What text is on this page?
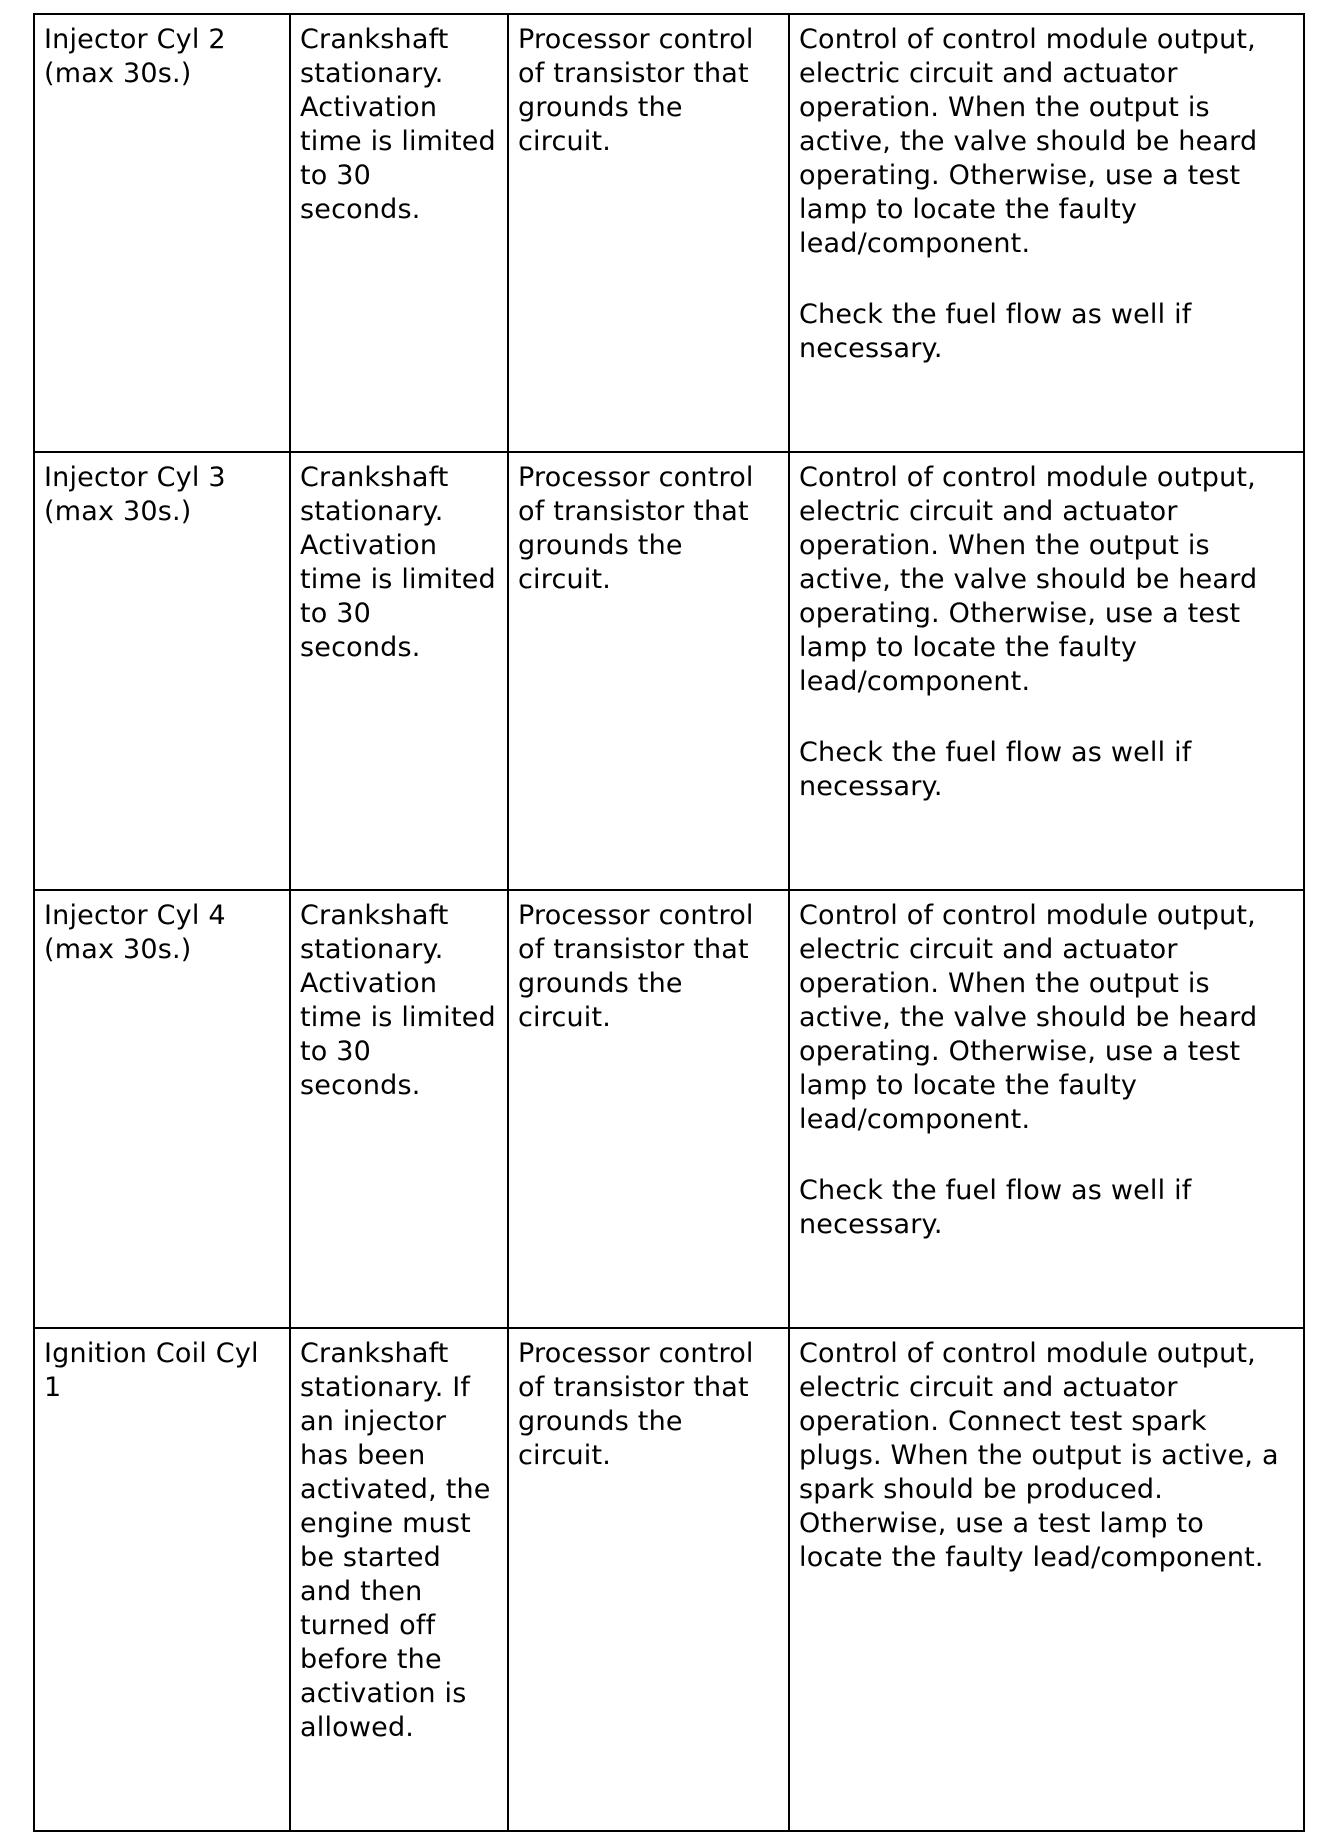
Injector Cyl 2 (max 30s.)	Crankshaft stationary. Activation time is limited to 30 seconds.	Processor control of transistor that grounds the circuit.	Control of control module output, electric circuit and actuator operation. When the output is active, the valve should be heard operating. Otherwise, use a test lamp to locate the faulty lead/component.
Check the fuel flow as well if necessary.

Injector Cyl 3 (max 30s.)	Crankshaft stationary. Activation time is limited to 30 seconds.	Processor control of transistor that grounds the circuit.	Control of control module output, electric circuit and actuator operation. When the output is active, the valve should be heard operating. Otherwise, use a test lamp to locate the faulty lead/component.
Check the fuel flow as well if necessary.

Injector Cyl 4 (max 30s.)	Crankshaft stationary. Activation time is limited to 30 seconds.	Processor control of transistor that grounds the circuit.	Control of control module output, electric circuit and actuator operation. When the output is active, the valve should be heard operating. Otherwise, use a test lamp to locate the faulty lead/component.
Check the fuel flow as well if necessary.

Ignition Coil Cyl 1	Crankshaft stationary. If an injector has been activated, the engine must be started and then turned off before the activation is allowed.	Processor control of transistor that grounds the circuit.	Control of control module output, electric circuit and actuator operation. Connect test spark plugs. When the output is active, a spark should be produced. Otherwise, use a test lamp to locate the faulty lead/component.
